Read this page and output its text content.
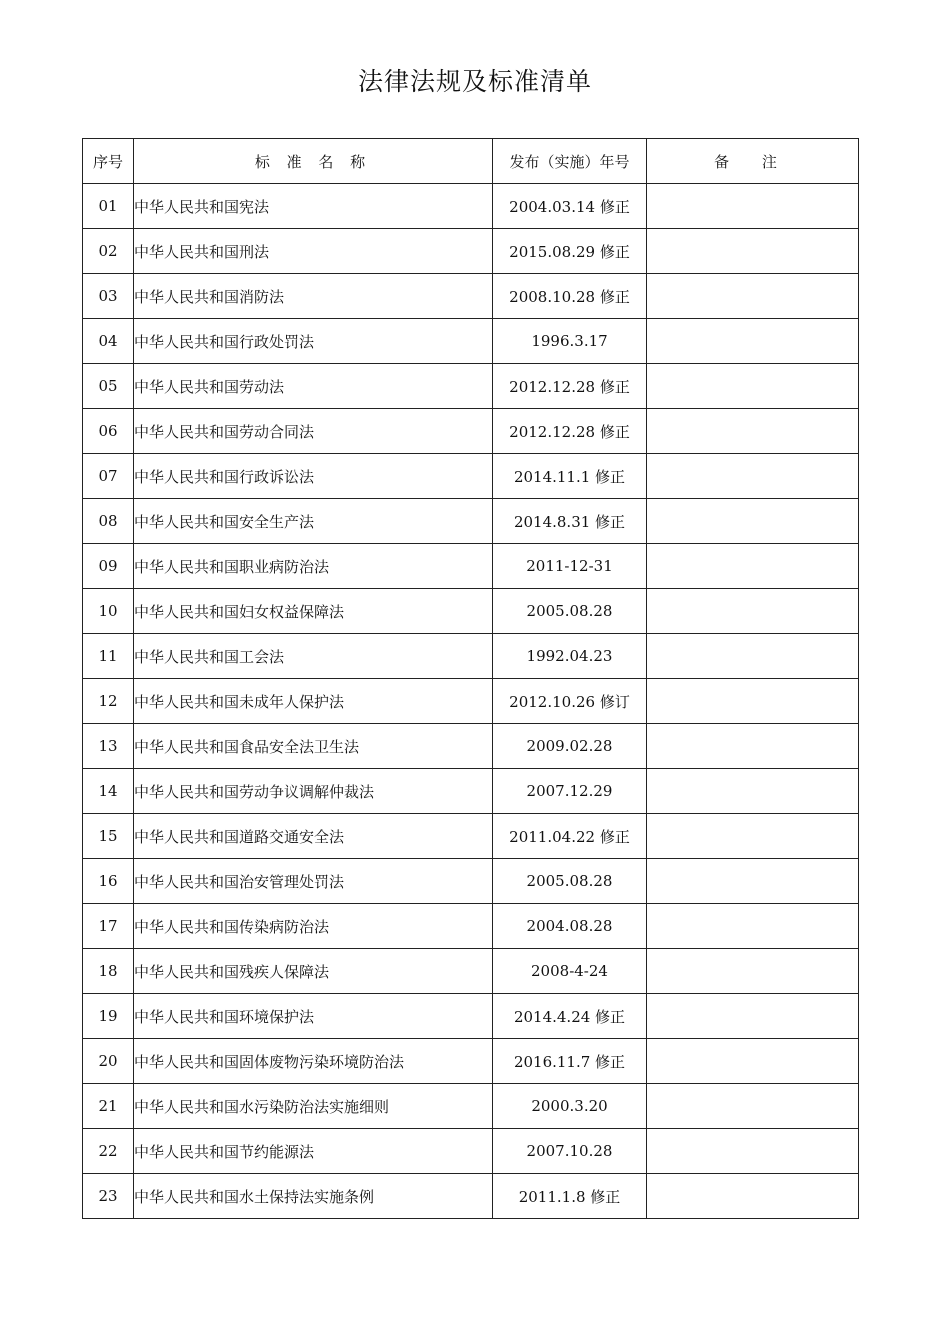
法律法规及标准清单
序号	标 准 名 称	发布（实施）年号	备 注
01	中华人民共和国宪法	2004.03.14 修正	
02	中华人民共和国刑法	2015.08.29 修正	
03	中华人民共和国消防法	2008.10.28 修正	
04	中华人民共和国行政处罚法	1996.3.17	
05	中华人民共和国劳动法	2012.12.28 修正	
06	中华人民共和国劳动合同法	2012.12.28 修正	
07	中华人民共和国行政诉讼法	2014.11.1 修正	
08	中华人民共和国安全生产法	2014.8.31 修正	
09	中华人民共和国职业病防治法	2011-12-31	
10	中华人民共和国妇女权益保障法	2005.08.28	
11	中华人民共和国工会法	1992.04.23	
12	中华人民共和国未成年人保护法	2012.10.26 修订	
13	中华人民共和国食品安全法卫生法	2009.02.28	
14	中华人民共和国劳动争议调解仲裁法	2007.12.29	
15	中华人民共和国道路交通安全法	2011.04.22 修正	
16	中华人民共和国治安管理处罚法	2005.08.28	
17	中华人民共和国传染病防治法	2004.08.28	
18	中华人民共和国残疾人保障法	2008-4-24	
19	中华人民共和国环境保护法	2014.4.24 修正	
20	中华人民共和国固体废物污染环境防治法	2016.11.7 修正	
21	中华人民共和国水污染防治法实施细则	2000.3.20	
22	中华人民共和国节约能源法	2007.10.28	
23	中华人民共和国水土保持法实施条例	2011.1.8 修正	
